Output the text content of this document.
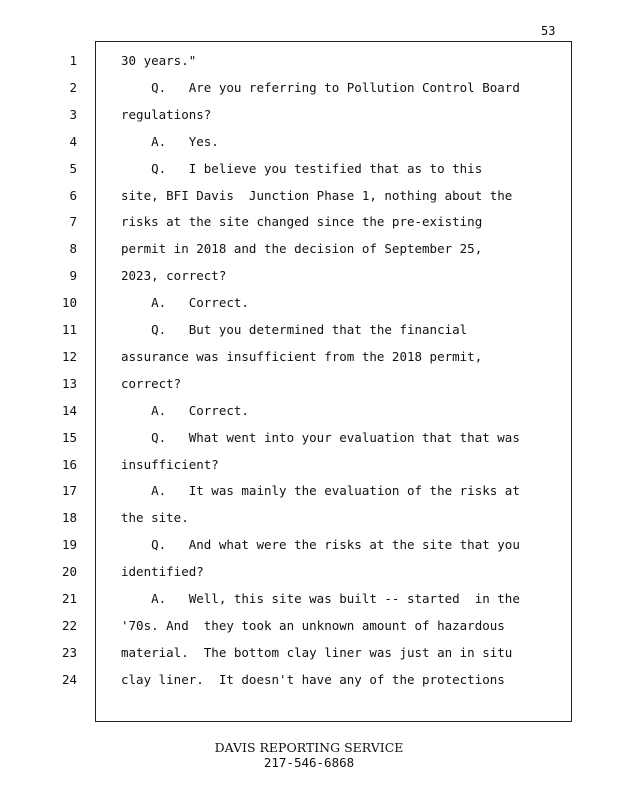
53
1	30 years."
2	Q.   Are you referring to Pollution Control Board
3	regulations?
4	A.   Yes.
5	Q.   I believe you testified that as to this
6	site, BFI Davis  Junction Phase 1, nothing about the
7	risks at the site changed since the pre-existing
8	permit in 2018 and the decision of September 25,
9	2023, correct?
10	A.   Correct.
11	Q.   But you determined that the financial
12	assurance was insufficient from the 2018 permit,
13	correct?
14	A.   Correct.
15	Q.   What went into your evaluation that that was
16	insufficient?
17	A.   It was mainly the evaluation of the risks at
18	the site.
19	Q.   And what were the risks at the site that you
20	identified?
21	A.   Well, this site was built -- started  in the
22	'70s. And  they took an unknown amount of hazardous
23	material.  The bottom clay liner was just an in situ
24	clay liner.  It doesn't have any of the protections
DAVIS REPORTING SERVICE
217-546-6868
